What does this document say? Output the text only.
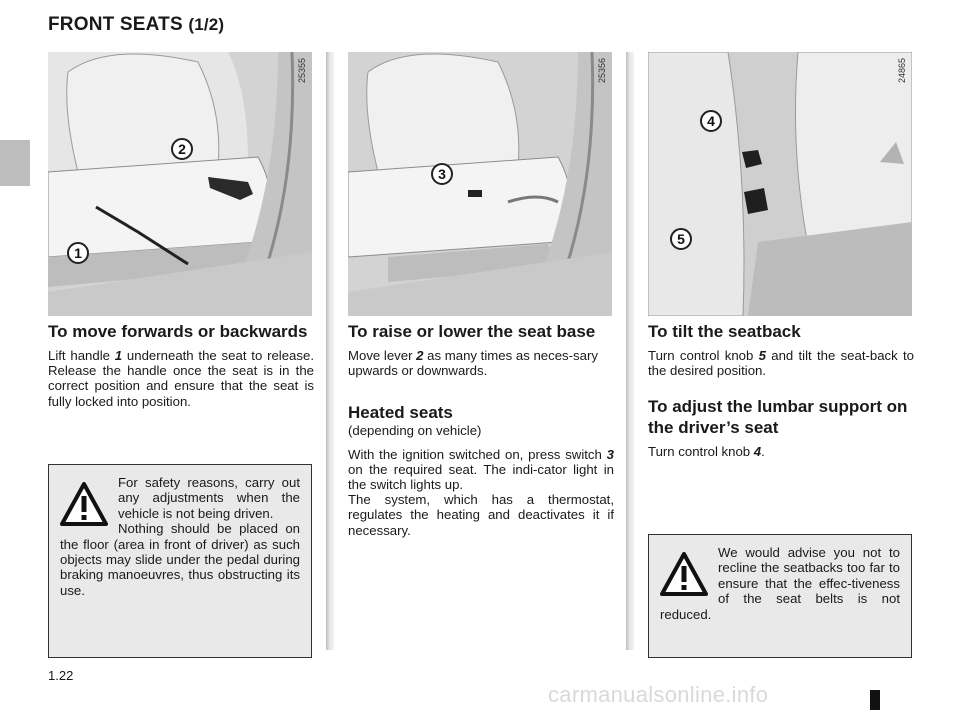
FRONT SEATS (1/2)
25355
2
1
25356
3
24865
4
5
To move forwards or backwards

Lift handle 1 underneath the seat to release. Release the handle once the seat is in the correct position and ensure that the seat is fully locked into position.

For safety reasons, carry out any adjustments when the vehicle is not being driven.

Nothing should be placed on the floor (area in front of driver) as such objects may slide under the pedal during braking manoeuvres, thus obstructing its use.

To raise or lower the seat base

Move lever 2 as many times as neces-sary upwards or downwards.

Heated seats

(depending on vehicle)

With the ignition switched on, press switch 3 on the required seat. The indi-cator light in the switch lights up.

The system, which has a thermostat, regulates the heating and deactivates it if necessary.

To tilt the seatback

Turn control knob 5 and tilt the seat-back to the desired position.

To adjust the lumbar support on the driver’s seat

Turn control knob 4.

We would advise you not to recline the seatbacks too far to ensure that the effec-tiveness of the seat belts is not reduced.

1.22
carmanualsonline.info
